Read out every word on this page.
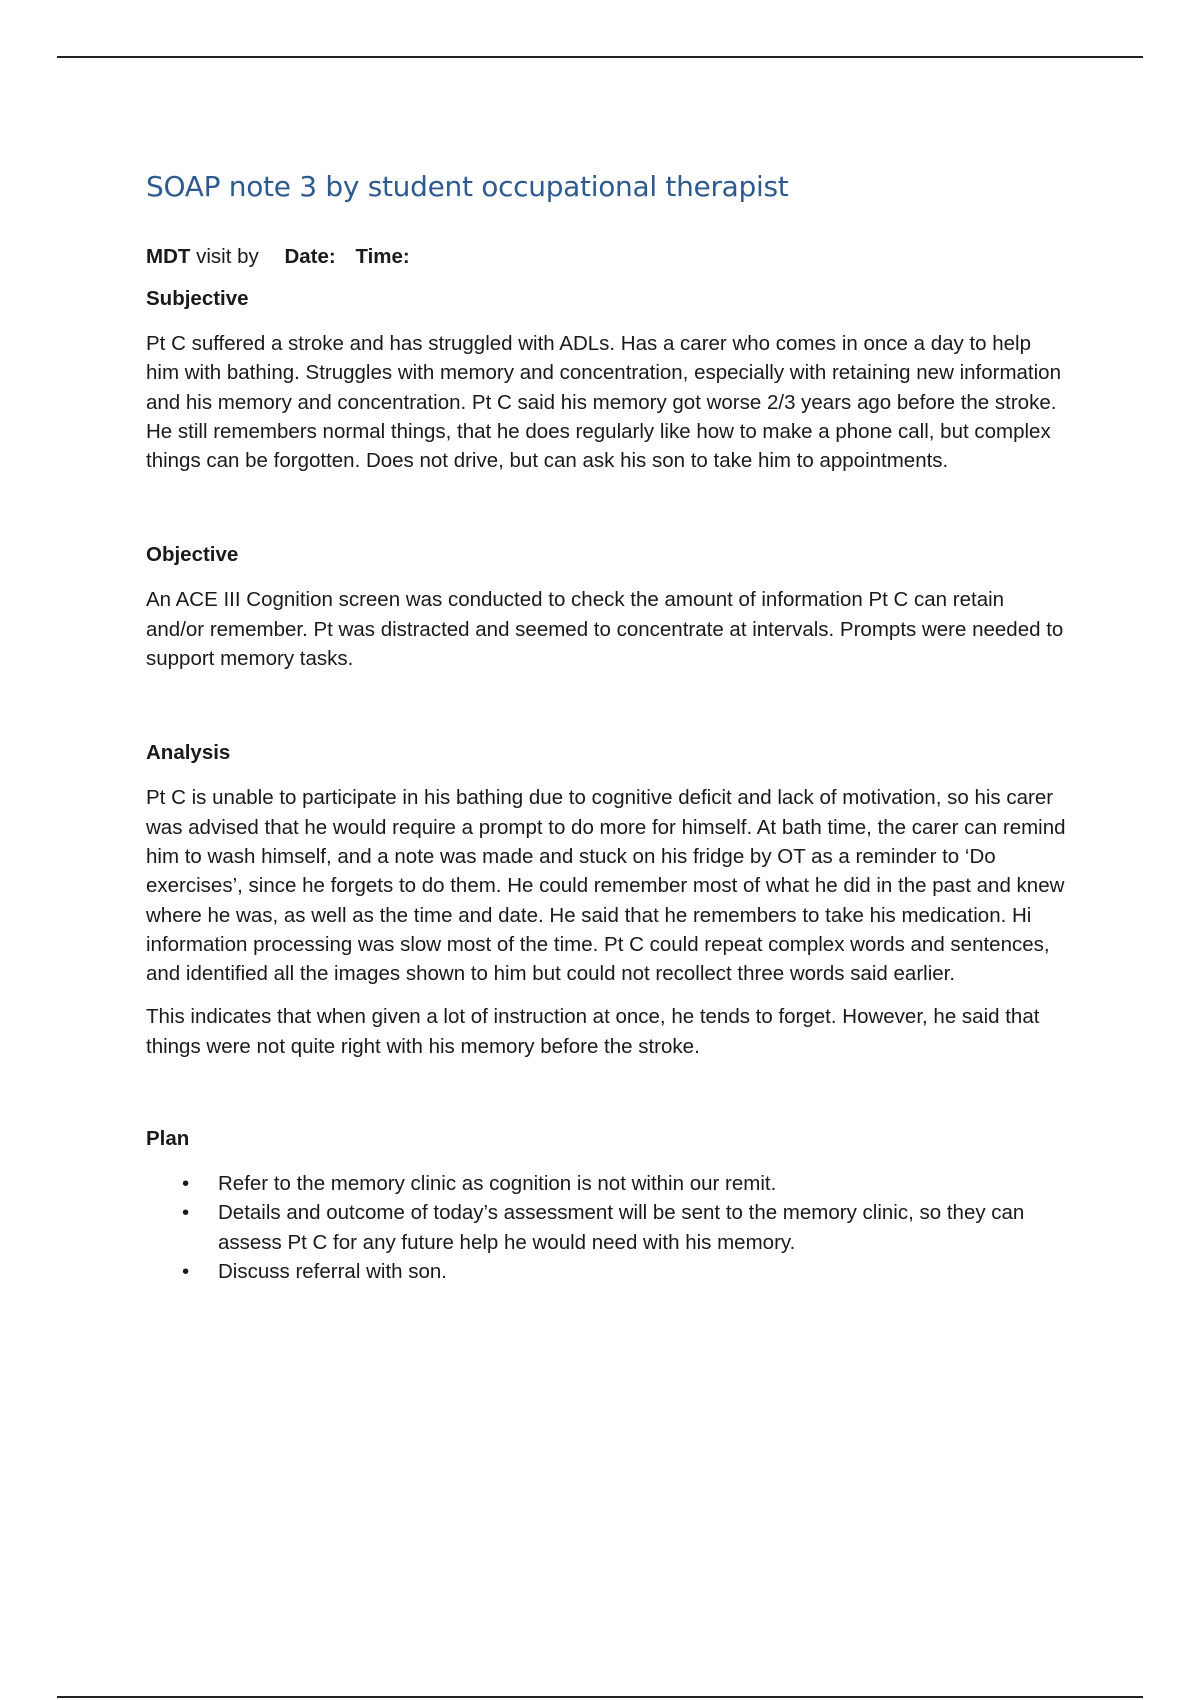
SOAP note 3 by student occupational therapist

MDT visit by Date: Time:

Subjective

Pt C suffered a stroke and has struggled with ADLs. Has a carer who comes in once a day to help him with bathing. Struggles with memory and concentration, especially with retaining new information and his memory and concentration. Pt C said his memory got worse 2/3 years ago before the stroke. He still remembers normal things, that he does regularly like how to make a phone call, but complex things can be forgotten. Does not drive, but can ask his son to take him to appointments.

Objective

An ACE III Cognition screen was conducted to check the amount of information Pt C can retain and/or remember. Pt was distracted and seemed to concentrate at intervals. Prompts were needed to support memory tasks.

Analysis

Pt C is unable to participate in his bathing due to cognitive deficit and lack of motivation, so his carer was advised that he would require a prompt to do more for himself. At bath time, the carer can remind him to wash himself, and a note was made and stuck on his fridge by OT as a reminder to ‘Do exercises’, since he forgets to do them. He could remember most of what he did in the past and knew where he was, as well as the time and date. He said that he remembers to take his medication. Hi information processing was slow most of the time. Pt C could repeat complex words and sentences, and identified all the images shown to him but could not recollect three words said earlier.

This indicates that when given a lot of instruction at once, he tends to forget. However, he said that things were not quite right with his memory before the stroke.

Plan
• Refer to the memory clinic as cognition is not within our remit.
• Details and outcome of today’s assessment will be sent to the memory clinic, so they can assess Pt C for any future help he would need with his memory.
• Discuss referral with son.
